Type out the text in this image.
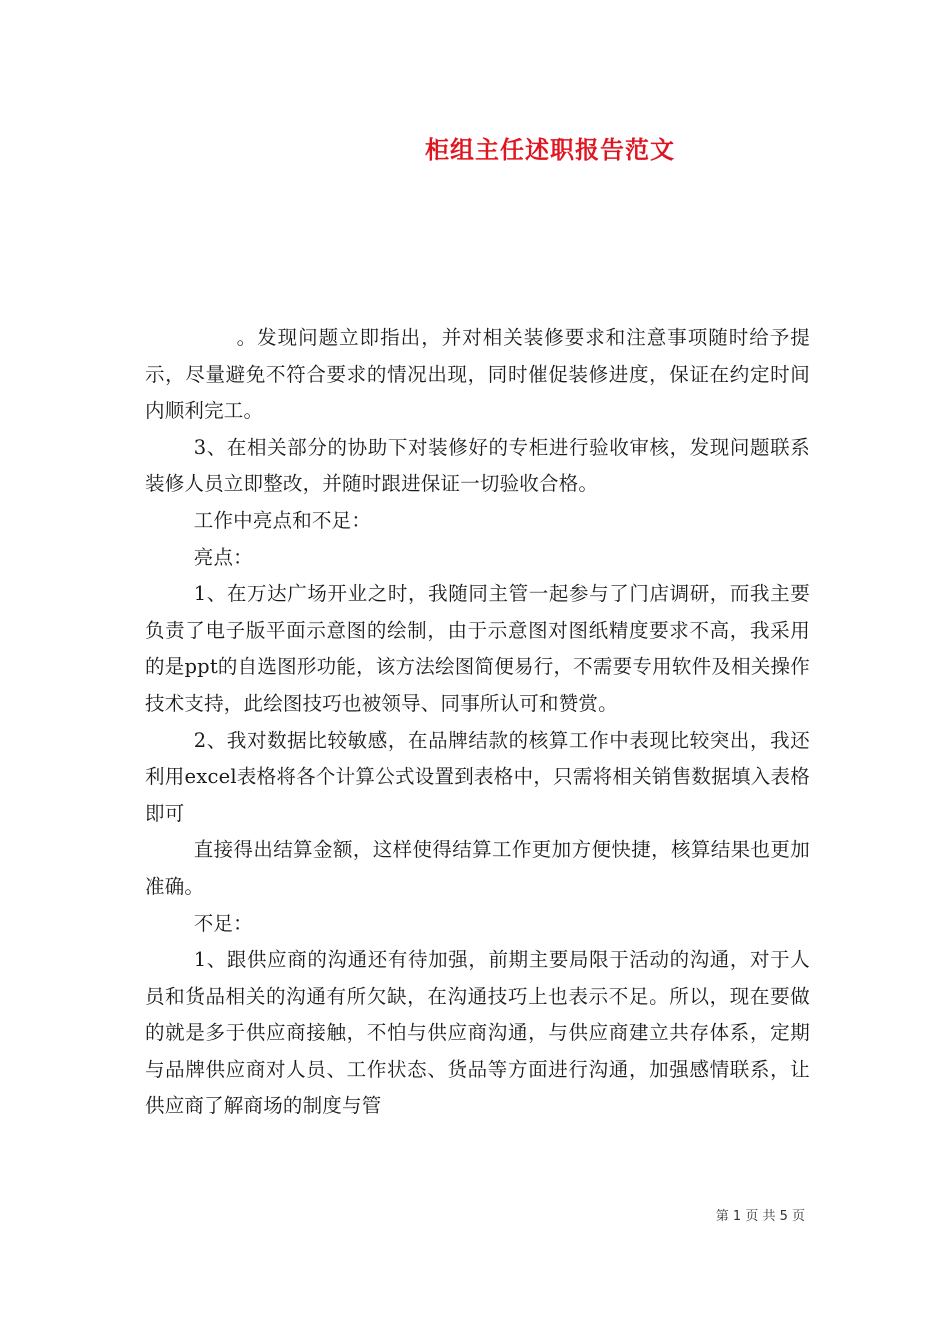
柜组主任述职报告范文

。发现问题立即指出，并对相关装修要求和注意事项随时给予提示，尽量避免不符合要求的情况出现，同时催促装修进度，保证在约定时间内顺利完工。

3、在相关部分的协助下对装修好的专柜进行验收审核，发现问题联系装修人员立即整改，并随时跟进保证一切验收合格。

工作中亮点和不足：

亮点：

1、在万达广场开业之时，我随同主管一起参与了门店调研，而我主要负责了电子版平面示意图的绘制，由于示意图对图纸精度要求不高，我采用的是ppt的自选图形功能，该方法绘图简便易行，不需要专用软件及相关操作技术支持，此绘图技巧也被领导、同事所认可和赞赏。

2、我对数据比较敏感，在品牌结款的核算工作中表现比较突出，我还利用excel表格将各个计算公式设置到表格中，只需将相关销售数据填入表格即可

直接得出结算金额，这样使得结算工作更加方便快捷，核算结果也更加准确。

不足：

1、跟供应商的沟通还有待加强，前期主要局限于活动的沟通，对于人员和货品相关的沟通有所欠缺，在沟通技巧上也表示不足。所以，现在要做的就是多于供应商接触，不怕与供应商沟通，与供应商建立共存体系，定期与品牌供应商对人员、工作状态、货品等方面进行沟通，加强感情联系，让供应商了解商场的制度与管

第 1 页 共 5 页
